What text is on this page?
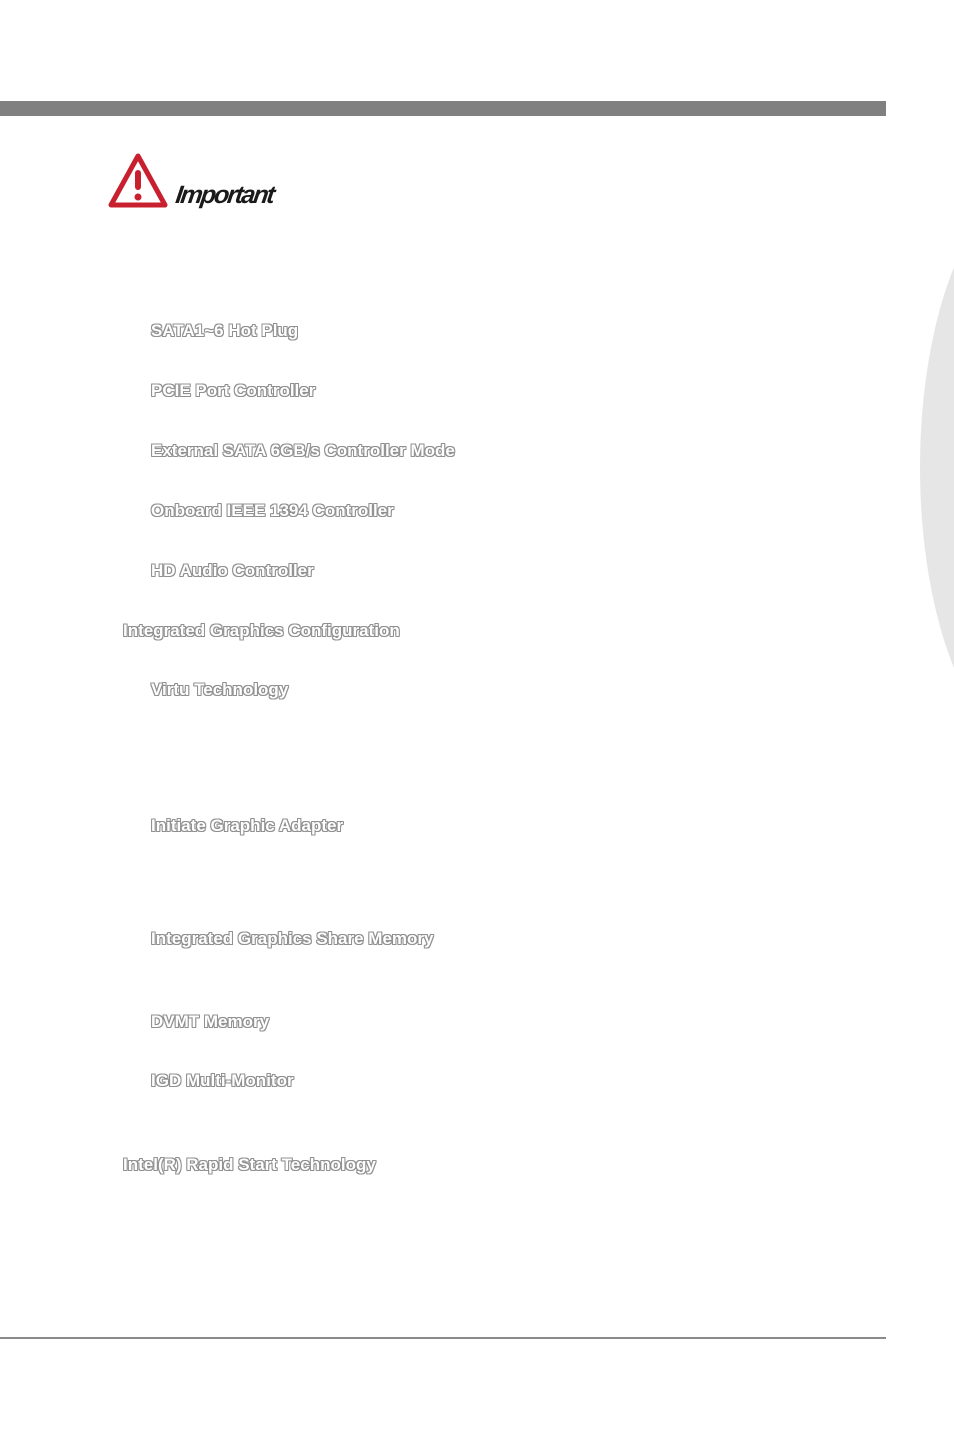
Important
SATA1~6 Hot Plug
PCIE Port Controller
External SATA 6GB/s Controller Mode
Onboard IEEE 1394 Controller
HD Audio Controller
Integrated Graphics Configuration
Virtu Technology
Initiate Graphic Adapter
Integrated Graphics Share Memory
DVMT Memory
IGD Multi-Monitor
Intel(R) Rapid Start Technology
